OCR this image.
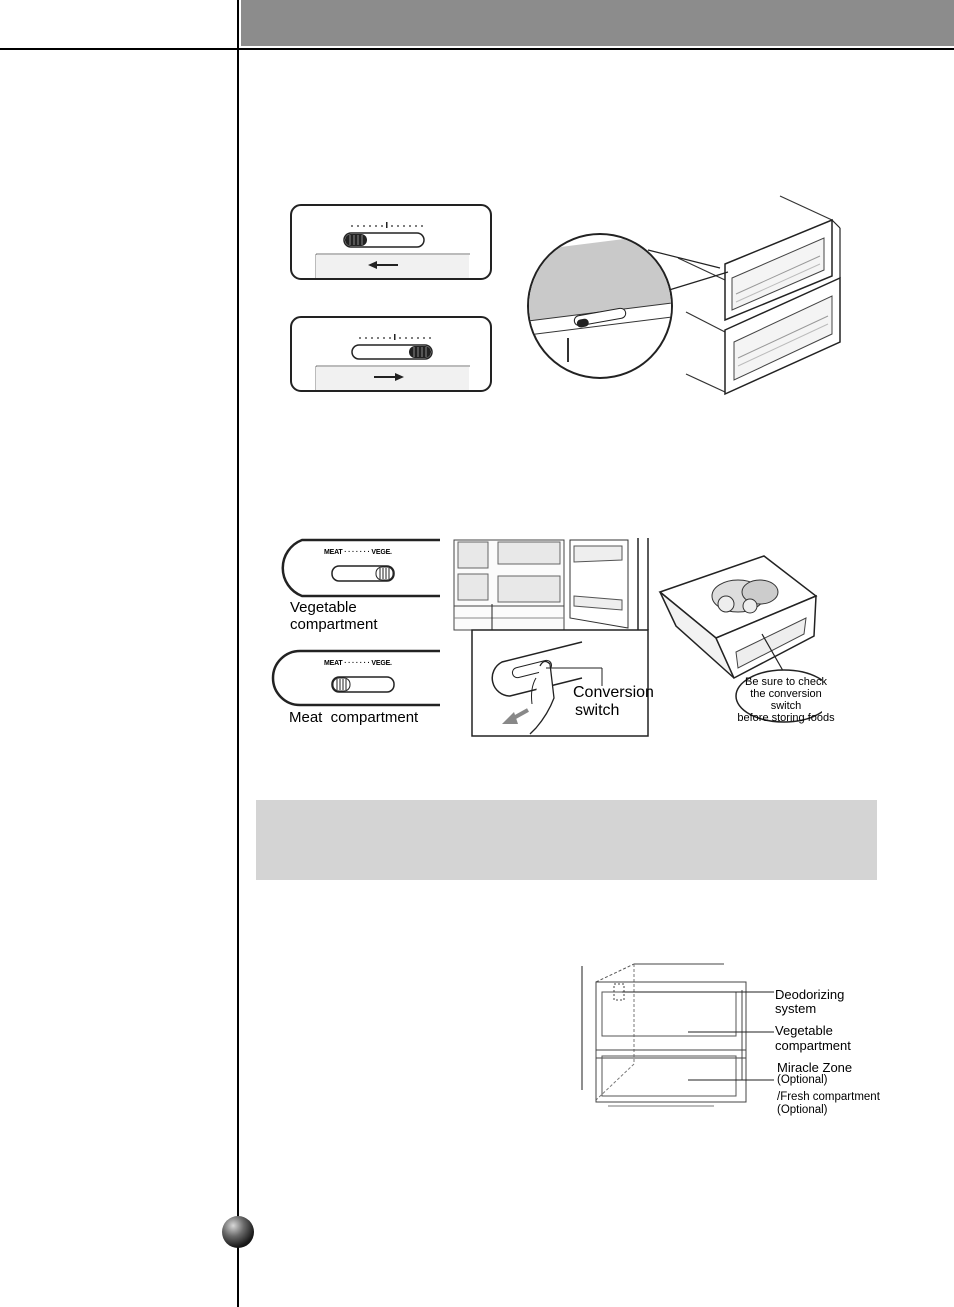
MEAT · · · · · · · VEGE.
Vegetable
compartment
MEAT · · · · · · · VEGE.
Meat  compartment
Conversion
switch
Be sure to check
the conversion switch
before storing foods
Deodorizing
system
Vegetable
compartment
Miracle Zone
(Optional)
/Fresh compartment
(Optional)
